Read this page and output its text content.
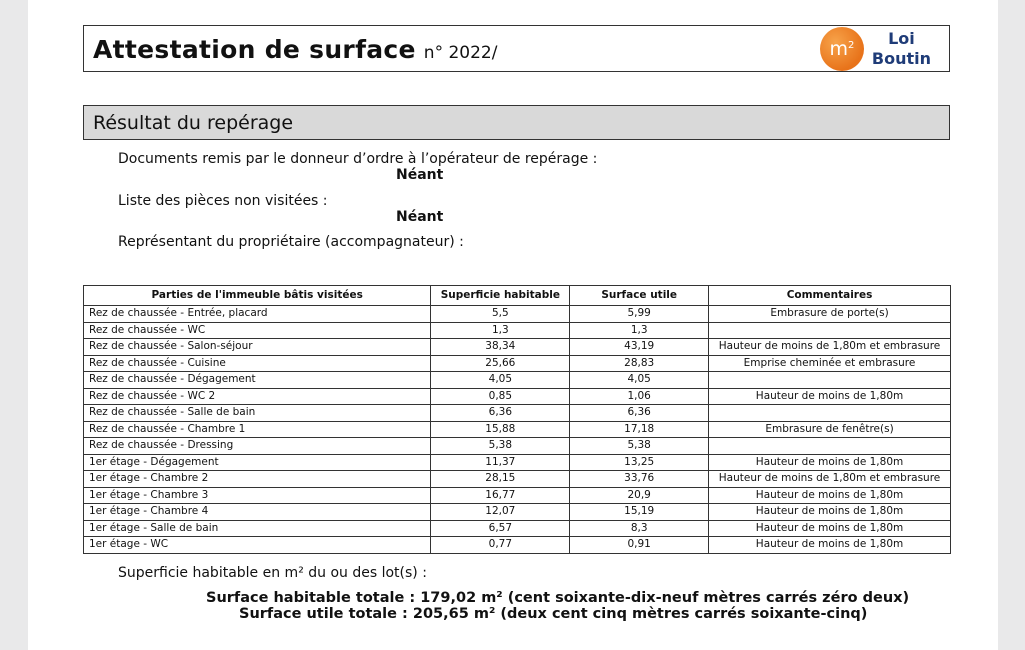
Attestation de surface n° 2022/	$m^2$	Loi
Boutin
Résultat du repérage
Documents remis par le donneur d’ordre à l’opérateur de repérage :
Néant
Liste des pièces non visitées :
Néant
Représentant du propriétaire (accompagnateur) :
Parties de l'immeuble bâtis visitées	Superficie habitable	Surface utile	Commentaires
Rez de chaussée - Entrée, placard	5,5	5,99	Embrasure de porte(s)
Rez de chaussée - WC	1,3	1,3	
Rez de chaussée - Salon-séjour	38,34	43,19	Hauteur de moins de 1,80m et embrasure
Rez de chaussée - Cuisine	25,66	28,83	Emprise cheminée et embrasure
Rez de chaussée - Dégagement	4,05	4,05	
Rez de chaussée - WC 2	0,85	1,06	Hauteur de moins de 1,80m
Rez de chaussée - Salle de bain	6,36	6,36	
Rez de chaussée - Chambre 1	15,88	17,18	Embrasure de fenêtre(s)
Rez de chaussée - Dressing	5,38	5,38	
1er étage - Dégagement	11,37	13,25	Hauteur de moins de 1,80m
1er étage - Chambre 2	28,15	33,76	Hauteur de moins de 1,80m et embrasure
1er étage - Chambre 3	16,77	20,9	Hauteur de moins de 1,80m
1er étage - Chambre 4	12,07	15,19	Hauteur de moins de 1,80m
1er étage - Salle de bain	6,57	8,3	Hauteur de moins de 1,80m
1er étage - WC	0,77	0,91	Hauteur de moins de 1,80m
Superficie habitable en m² du ou des lot(s) :
Surface habitable totale : 179,02 m² (cent soixante-dix-neuf mètres carrés zéro deux)
Surface utile totale : 205,65 m² (deux cent cinq mètres carrés soixante-cinq)
